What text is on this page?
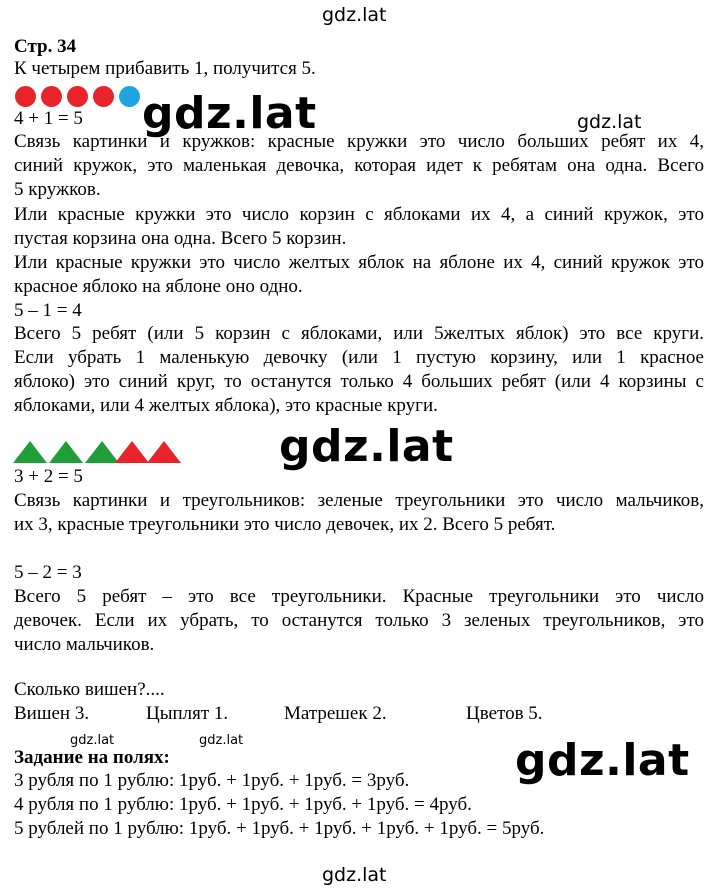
gdz.lat
gdz.lat	gdz.lat
gdz.lat
gdz.lat	gdz.lat	gdz.lat
gdz.lat
Стр. 34
К четырем прибавить 1, получится 5.
4 + 1 = 5
Связь картинки и кружков: красные кружки это число больших ребят их 4,
синий кружок, это маленькая девочка, которая идет к ребятам она одна. Всего
5 кружков.
Или красные кружки это число корзин с яблоками их 4, а синий кружок, это
пустая корзина она одна. Всего 5 корзин.
Или красные кружки это число желтых яблок на яблоне их 4, синий кружок это
красное яблоко на яблоне оно одно.
5 – 1 = 4
Всего 5 ребят (или 5 корзин с яблоками, или 5желтых яблок) это все круги.
Если убрать 1 маленькую девочку (или 1 пустую корзину, или 1 красное
яблоко) это синий круг, то останутся только 4 больших ребят (или 4 корзины с
яблоками, или 4 желтых яблока), это красные круги.
3 + 2 = 5
Связь картинки и треугольников: зеленые треугольники это число мальчиков,
их 3, красные треугольники это число девочек, их 2. Всего 5 ребят.
5 – 2 = 3
Всего 5 ребят – это все треугольники. Красные треугольники это число
девочек. Если их убрать, то останутся только 3 зеленых треугольников, это
число мальчиков.
Сколько вишен?....
Вишен 3.	Цыплят 1.	Матрешек 2.	Цветов 5.
Задание на полях:
3 рубля по 1 рублю: 1руб. + 1руб. + 1руб. = 3руб.
4 рубля по 1 рублю: 1руб. + 1руб. + 1руб. + 1руб. = 4руб.
5 рублей по 1 рублю: 1руб. + 1руб. + 1руб. + 1руб. + 1руб. = 5руб.
